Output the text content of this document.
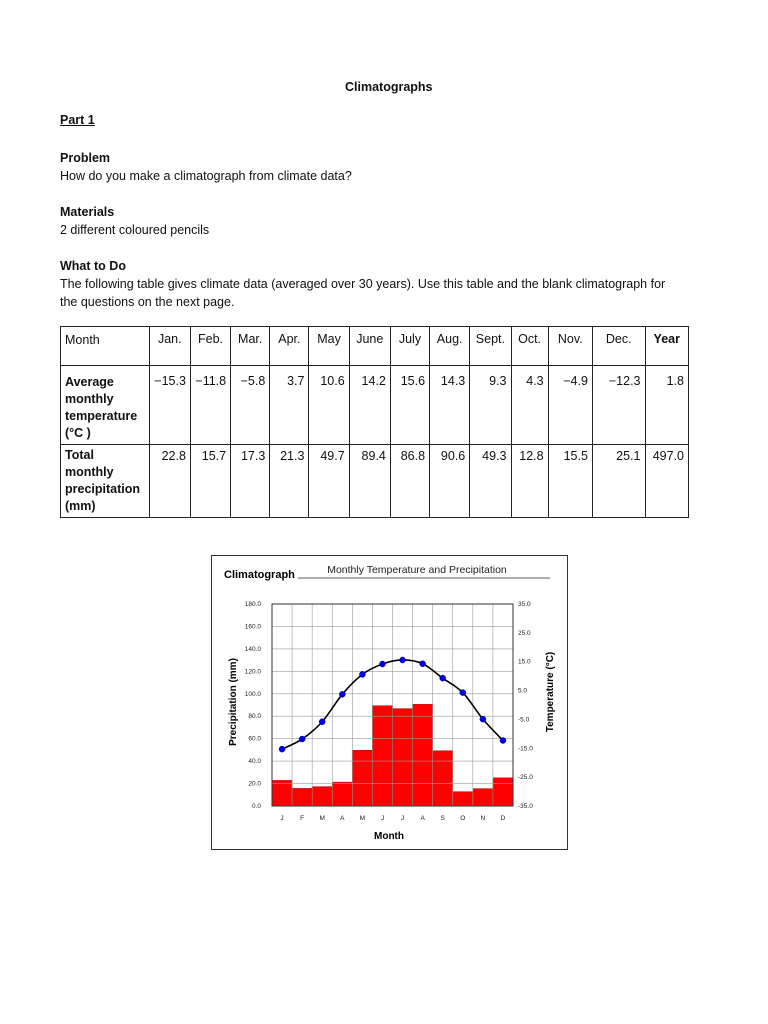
Climatographs
Part 1
Problem
How do you make a climatograph from climate data?
Materials
2 different coloured pencils
What to Do
The following table gives climate data (averaged over 30 years). Use this table and the blank climatograph for
the questions on the next page.
Month	Jan.	Feb.	Mar.	Apr.	May	June	July	Aug.	Sept.	Oct.	Nov.	Dec.	Year
Average
monthly
temperature
(°C )	−15.3	−11.8	−5.8	3.7	10.6	14.2	15.6	14.3	9.3	4.3	−4.9	−12.3	1.8
Total
monthly
precipitation
(mm)	22.8	15.7	17.3	21.3	49.7	89.4	86.8	90.6	49.3	12.8	15.5	25.1	497.0
Climatograph	Monthly Temperature and Precipitation
Precipitation (mm)	Temperature (°C)
Month
180.0
160.0
140.0
120.0
100.0
80.0
60.0
40.0
20.0
0.0
35.0
25.0
15.0
5.0
-5.0
-15.0
-25.0
-35.0
J	F M A M J	J	A S O N D
